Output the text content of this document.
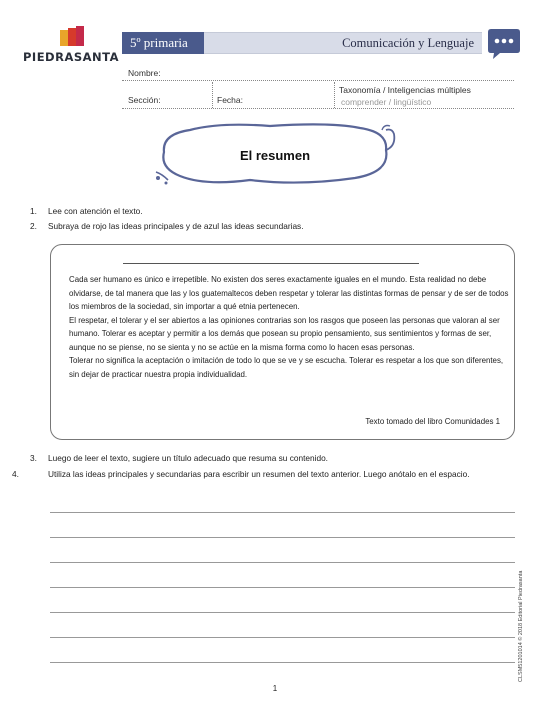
PIEDRASANTA
5º primaria	Comunicación y Lenguaje
Nombre:
Sección:	Fecha:
Taxonomía / Inteligencias múltiples
comprender / lingüístico
El resumen
1. Lee con atención el texto.
2. Subraya de rojo las ideas principales y de azul las ideas secundarias.
Cada ser humano es único e irrepetible. No existen dos seres exactamente iguales en el mundo. Esta realidad no debe olvidarse, de tal manera que las y los guatemaltecos deben respetar y tolerar las distintas formas de pensar y de ser de todos los miembros de la sociedad, sin importar a qué etnia pertenecen.
El respetar, el tolerar y el ser abiertos a las opiniones contrarias son los rasgos que poseen las personas que valoran al ser humano. Tolerar es aceptar y permitir a los demás que posean su propio pensamiento, sus sentimientos y formas de ser, aunque no se piense, no se sienta y no se actúe en la misma forma como lo hacen esas personas.
Tolerar no significa la aceptación o imitación de todo lo que se ve y se escucha. Tolerar es respetar a los que son diferentes, sin dejar de practicar nuestra propia individualidad.
Texto tomado del libro Comunidades 1
3. Luego de leer el texto, sugiere un título adecuado que resuma su contenido.
4.	Utiliza las ideas principales y secundarias para escribir un resumen del texto anterior. Luego anótalo en el espacio.
CLSM51201014 © 2018 Editorial Piedrasanta
1
